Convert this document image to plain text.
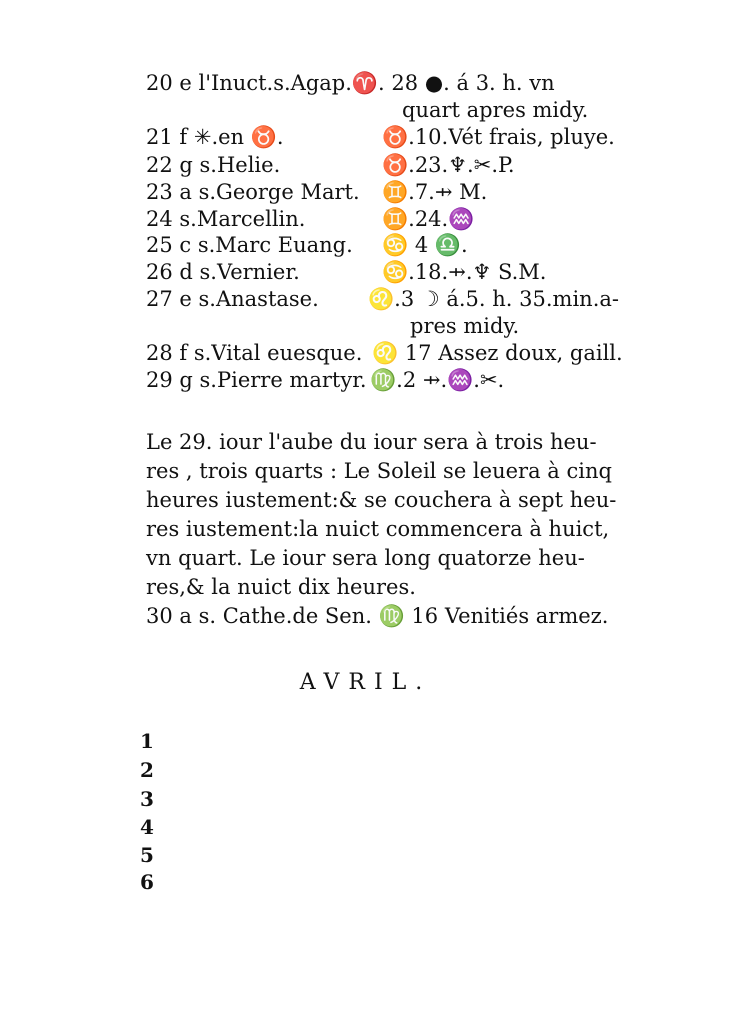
20 e l'Inuct.s.Agap.♈. 28 ●. á 3. h. vn
quart apres midy.
21 f ✳.en ♉.	♉.10.Vét frais, pluye.
22 g s.Helie.	♉.23.♆.✂.P.
23 a s.George Mart. ♊.7.⇸ M.
24 s.Marcellin.	♊.24.♒
25 c s.Marc Euang. ♋ 4 ♎.
26 d s.Vernier.	♋.18.⇸.♆ S.M.
27 e s.Anastase. ♌.3 ☽ á.5. h. 35.min.a-
pres midy.
28 f s.Vital euesque. ♌ 17 Assez doux, gaill.
29 g s.Pierre martyr. ♍.2 ⇸.♒.✂.
Le 29. iour l'aube du iour sera à trois heu-
res , trois quarts : Le Soleil se leuera à cinq
heures iustement:& se couchera à sept heu-
res iustement:la nuict commencera à huict,
vn quart. Le iour sera long quatorze heu-
res,& la nuict dix heures.
30 a s. Cathe.de Sen. ♍ 16 Venitiés armez.
AVRIL.
1
2
3
4
5
6
